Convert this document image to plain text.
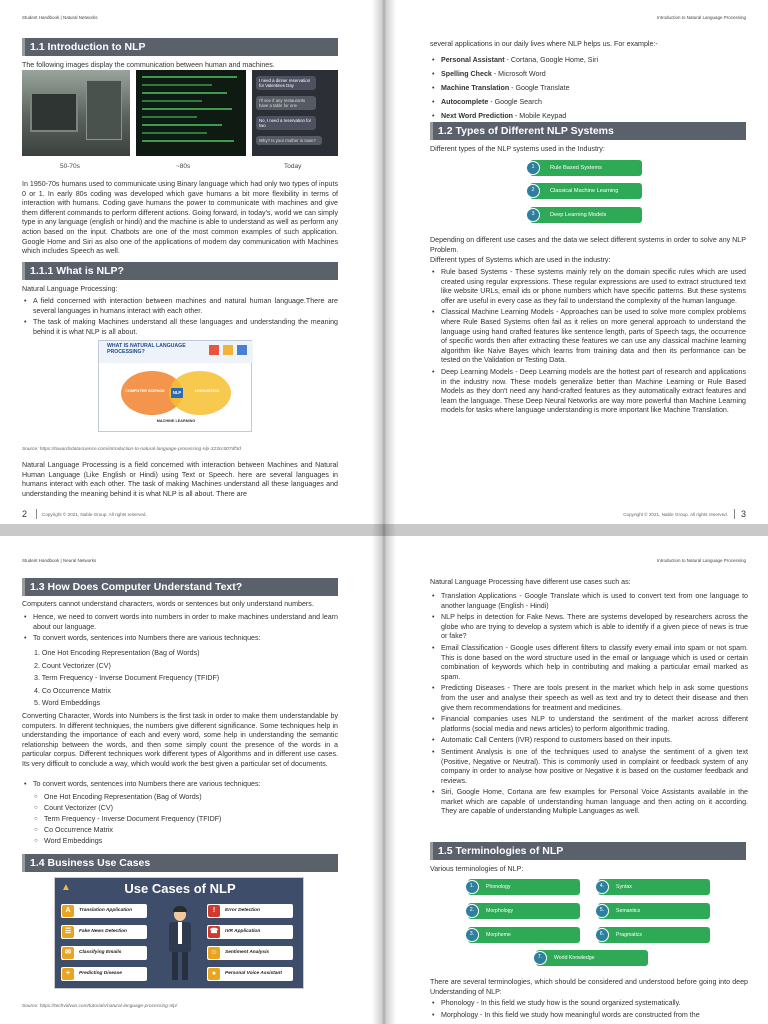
Student Handbook | Natural Networks
1.1 Introduction to NLP
The following images display the communication between human and machines.
I need a dinner reservation for Valentines Day
I'll see if any restaurants have a table for one
No, I need a reservation for two
Why? Is your mother in town?
50-70s	~80s	Today
In 1950-70s humans used to communicate using Binary language which had only two types of inputs 0 or 1. In early 80s coding was developed which gave humans a bit more flexibility in terms of interaction with humans. Coding gave humans the power to communicate with machines and give them different commands to perform different actions. Going forward, in today's, world we can simply type in any language (english or hindi) and the machine is able to understand as well as perform any action based on the input. Chatbots are one of the most common examples of such application. Google Home and Siri as also one of the applications of modern day communication with Machines which includes Speech as well.
1.1.1 What is NLP?
Natural Language Processing:
• A field concerned with interaction between machines and natural human language.There are several languages in humans interact with each other.
• The task of making Machines understand all these languages and understanding the meaning behind it is what NLP is all about.
WHAT IS NATURAL LANGUAGE PROCESSING?
COMPUTER SCIENCE	NLP	LINGUISTICS
MACHINE LEARNING
Source: https://towardsdatascience.com/introduction-to-natural-language-processing-nlp-323cc007df3d
Natural Language Processing is a field concerned with interaction between Machines and Natural Human Language (Like English or Hindi) using Text or Speech. here are several languages in humans interact with each other. The task of making Machines understand all these languages and understanding the meaning behind it is what NLP is all about. There are
2	Copyright © 2021, Nable Group. All rights reserved.
Introduction to Natural Language Processing
several applications in our daily lives where NLP helps us. For example:-
• Personal Assistant - Cortana, Google Home, Siri
• Spelling Check - Microsoft Word
• Machine Translation - Google Translate
• Autocomplete - Google Search
• Next Word Prediction - Mobile Keypad
1.2 Types of Different NLP Systems
Different types of the NLP systems used in the Industry:
1	Rule Based Systems
2	Classical Machine Learning
3	Deep Learning Models
Depending on different use cases and the data we select different systems in order to solve any NLP Problem.
Different types of Systems which are used in the industry:
• Rule based Systems - These systems mainly rely on the domain specific rules which are used created using regular expressions. These regular expressions are used to extract structured text like website URLs, email ids or phone numbers which have specific patterns. But these systems offer are useful in every case as they fail to understand the complexity of the human language.
• Classical Machine Learning Models - Approaches can be used to solve more complex problems where Rule Based Systems often fail as it relies on more general approach to understand the language using hand crafted features like sentence length, parts of Speech tags, the occurrence of specific words then after extracting these features we can use any classical machine learning algorithm like Naive Bayes which learns from training data and then its performance can be tested on the Validation or Testing Data.
• Deep Learning Models - Deep Learning models are the hottest part of research and applications in the industry now. These models generalize better than Machine Learning or Rule Based Models as they don't need any hand-crafted features as they automatically extract features and learn the language. These Deep Neural Networks are way more powerful than Machine Learning models for tasks where language understanding is more important like Machine Translation.
Copyright © 2021, Nable Group. All rights reserved. 3
Student Handbook | Neural Networks
1.3 How Does Computer Understand Text?
Computers cannot understand characters, words or sentences but only understand numbers.
• Hence, we need to convert words into numbers in order to make machines understand and learn about our language.
• To convert words, sentences into Numbers there are various techniques:
1. One Hot Encoding Representation (Bag of Words)
2. Count Vectorizer (CV)
3. Term Frequency - Inverse Document Frequency (TFIDF)
4. Co Occurrence Matrix
5. Word Embeddings
Converting Character, Words into Numbers is the first task in order to make them understandable by computers. In different techniques, the numbers give different significance. Some techniques help in understanding the importance of each and every word, some help in understanding the semantic relationship between the words, and then some simply count the presence of the words in a particular corpus. Different techniques work different types of Algorithms and in different use cases. Its very difficult to conclude a way, which would work the best given a particular set of documents.
• To convert words, sentences into Numbers there are various techniques:
○ One Hot Encoding Representation (Bag of Words)
○ Count Vectorizer (CV)
○ Term Frequency - Inverse Document Frequency (TFIDF)
○ Co Occurrence Matrix
○ Word Embeddings
1.4 Business Use Cases
Source: https://techvidvan.com/tutorials/natural-language-processing-nlp/
Use Cases of NLP
▲
A	Translation Application
☰	Fake News Detection
✉	Classifying Emails
+	Predicting Disease
!	Error Detection
☎	IVR Application
☺	Sentiment Analysis
●	Personal Voice Assistant
Introduction to Natural Language Processing
Natural Language Processing have different use cases such as:
• Translation Applications - Google Translate which is used to convert text from one language to another language (English - Hindi)
• NLP helps in detection for Fake News. There are systems developed by researchers across the globe who are trying to develop a system which is able to identify if a given piece of news is true or fake?
• Email Classification - Google uses different filters to classify every email into spam or not spam. This is done based on the word structure used in the email or language which is used or certain combination of keywords which help in contributing and making a particular email marked as spam.
• Predicting Diseases - There are tools present in the market which help in ask some questions from the user and analyse their speech as well as text and try to detect their disease and then give them recommendations for treatment and medicines.
• Financial companies uses NLP to understand the sentiment of the market across different platforms (social media and news articles) to perform algorithmic trading.
• Automatic Call Centers (IVR) respond to customers based on their inputs.
• Sentiment Analysis is one of the techniques used to analyse the sentiment of a given text (Positive, Negative or Neutral). This is commonly used in complaint or feedback system of any company in order to analyse how positive or Negative it is based on the customer feedback and reviews.
• Siri, Google Home, Cortana are few examples for Personal Voice Assistants available in the market which are capable of understanding human language and then acting on it according. They are capable of understanding Multiple Languages as well.
1.5 Terminologies of NLP
Various terminologies of NLP:
1.	Phonology	4.	Syntax
2.	Morphology	5.	Semantics
3.	Morpheme	6.	Pragmatics
7.	World Knowledge
There are several terminologies, which should be considered and understood before going into deep Understanding of NLP:
• Phonology - In this field we study how is the sound organized systematically.
• Morphology - In this field we study how meaningful words are constructed from the
